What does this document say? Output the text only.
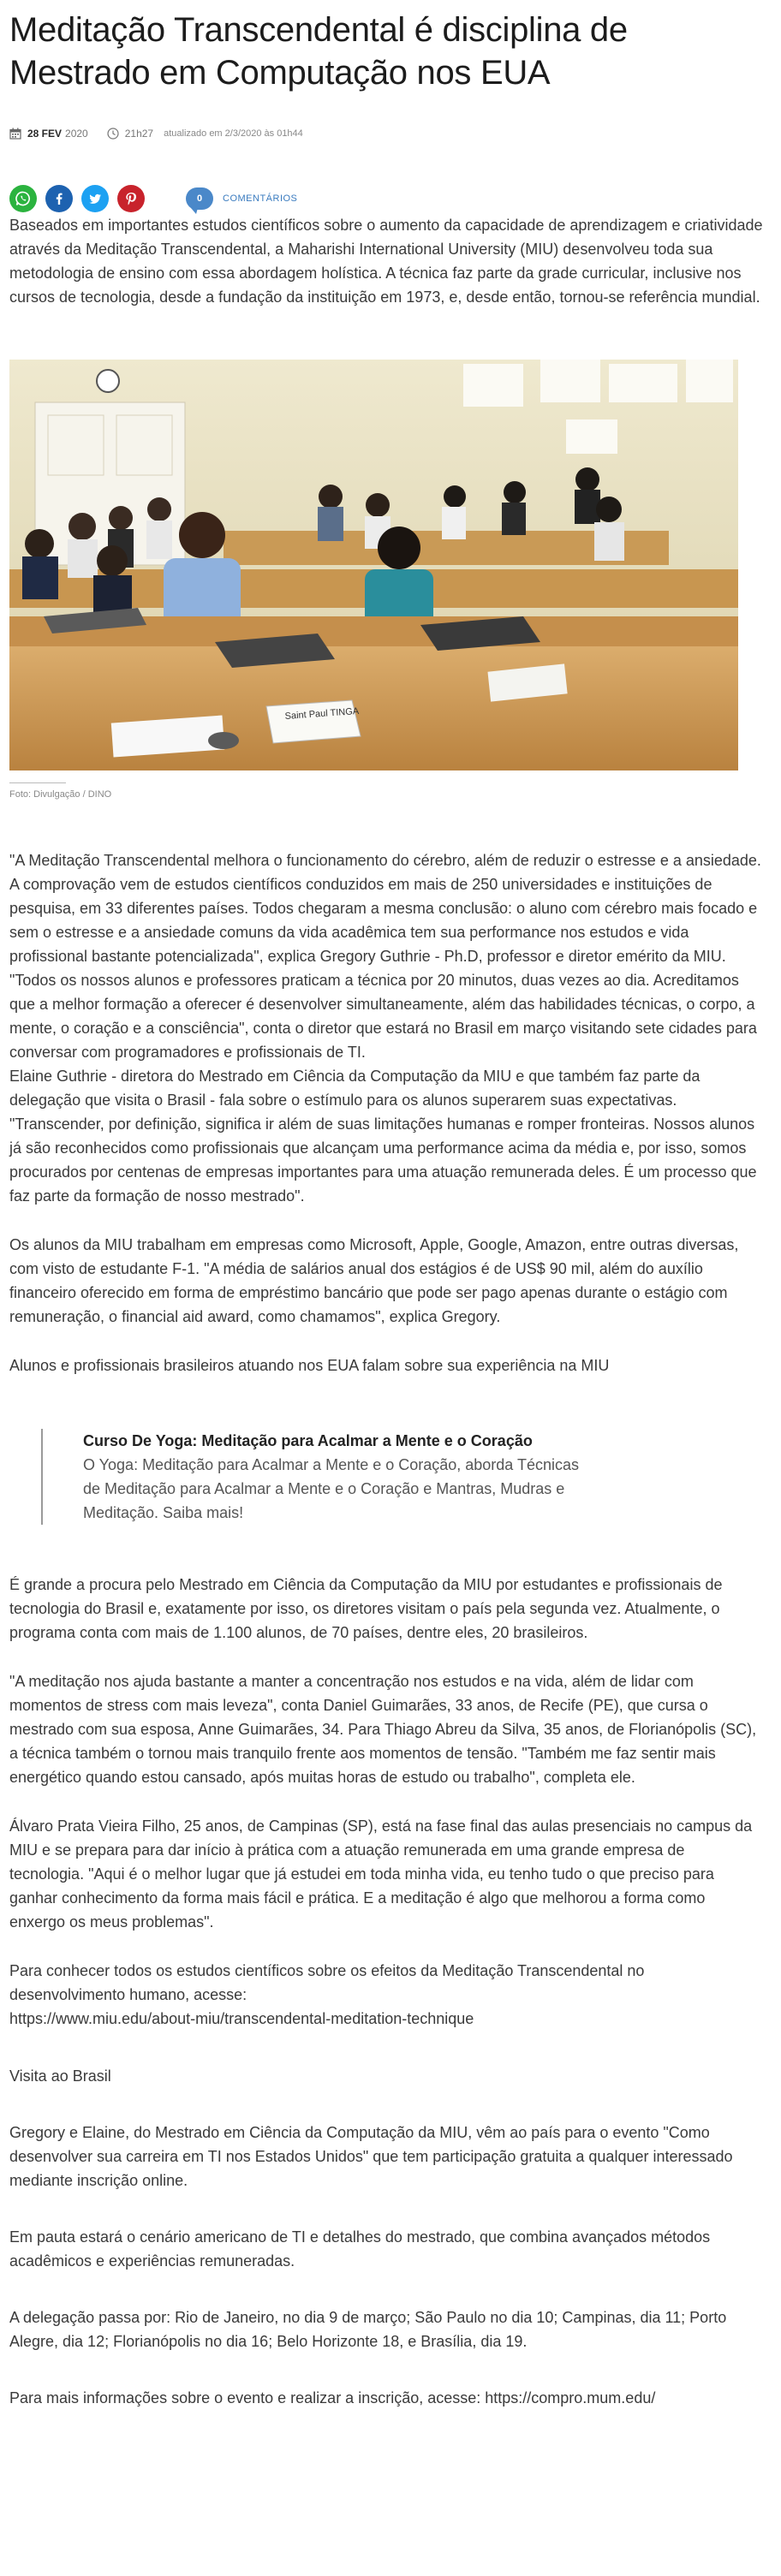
Meditação Transcendental é disciplina de Mestrado em Computação nos EUA
28 FEV 2020	21h27 atualizado em 2/3/2020 às 01h44
0 COMENTÁRIOS

Baseados em importantes estudos científicos sobre o aumento da capacidade de aprendizagem e criatividade através da Meditação Transcendental, a Maharishi International University (MIU) desenvolveu toda sua metodologia de ensino com essa abordagem holística. A técnica faz parte da grade curricular, inclusive nos cursos de tecnologia, desde a fundação da instituição em 1973, e, desde então, tornou-se referência mundial.

Saint Paul TINGA
Foto: Divulgação / DINO

"A Meditação Transcendental melhora o funcionamento do cérebro, além de reduzir o estresse e a ansiedade. A comprovação vem de estudos científicos conduzidos em mais de 250 universidades e instituições de pesquisa, em 33 diferentes países. Todos chegaram a mesma conclusão: o aluno com cérebro mais focado e sem o estresse e a ansiedade comuns da vida acadêmica tem sua performance nos estudos e vida profissional bastante potencializada", explica Gregory Guthrie - Ph.D, professor e diretor emérito da MIU.

"Todos os nossos alunos e professores praticam a técnica por 20 minutos, duas vezes ao dia. Acreditamos que a melhor formação a oferecer é desenvolver simultaneamente, além das habilidades técnicas, o corpo, a mente, o coração e a consciência", conta o diretor que estará no Brasil em março visitando sete cidades para conversar com programadores e profissionais de TI.

Elaine Guthrie - diretora do Mestrado em Ciência da Computação da MIU e que também faz parte da delegação que visita o Brasil - fala sobre o estímulo para os alunos superarem suas expectativas. "Transcender, por definição, significa ir além de suas limitações humanas e romper fronteiras. Nossos alunos já são reconhecidos como profissionais que alcançam uma performance acima da média e, por isso, somos procurados por centenas de empresas importantes para uma atuação remunerada deles. É um processo que faz parte da formação de nosso mestrado".

Os alunos da MIU trabalham em empresas como Microsoft, Apple, Google, Amazon, entre outras diversas, com visto de estudante F-1. "A média de salários anual dos estágios é de US$ 90 mil, além do auxílio financeiro oferecido em forma de empréstimo bancário que pode ser pago apenas durante o estágio com remuneração, o financial aid award, como chamamos", explica Gregory.

Alunos e profissionais brasileiros atuando nos EUA falam sobre sua experiência na MIU

Curso De Yoga: Meditação para Acalmar a Mente e o Coração
O Yoga: Meditação para Acalmar a Mente e o Coração, aborda Técnicas de Meditação para Acalmar a Mente e o Coração e Mantras, Mudras e Meditação. Saiba mais!

É grande a procura pelo Mestrado em Ciência da Computação da MIU por estudantes e profissionais de tecnologia do Brasil e, exatamente por isso, os diretores visitam o país pela segunda vez. Atualmente, o programa conta com mais de 1.100 alunos, de 70 países, dentre eles, 20 brasileiros.

"A meditação nos ajuda bastante a manter a concentração nos estudos e na vida, além de lidar com momentos de stress com mais leveza", conta Daniel Guimarães, 33 anos, de Recife (PE), que cursa o mestrado com sua esposa, Anne Guimarães, 34. Para Thiago Abreu da Silva, 35 anos, de Florianópolis (SC), a técnica também o tornou mais tranquilo frente aos momentos de tensão. "Também me faz sentir mais energético quando estou cansado, após muitas horas de estudo ou trabalho", completa ele.

Álvaro Prata Vieira Filho, 25 anos, de Campinas (SP), está na fase final das aulas presenciais no campus da MIU e se prepara para dar início à prática com a atuação remunerada em uma grande empresa de tecnologia. "Aqui é o melhor lugar que já estudei em toda minha vida, eu tenho tudo o que preciso para ganhar conhecimento da forma mais fácil e prática. E a meditação é algo que melhorou a forma como enxergo os meus problemas".

Para conhecer todos os estudos científicos sobre os efeitos da Meditação Transcendental no desenvolvimento humano, acesse:

https://www.miu.edu/about-miu/transcendental-meditation-technique

Visita ao Brasil

Gregory e Elaine, do Mestrado em Ciência da Computação da MIU, vêm ao país para o evento "Como desenvolver sua carreira em TI nos Estados Unidos" que tem participação gratuita a qualquer interessado mediante inscrição online.

Em pauta estará o cenário americano de TI e detalhes do mestrado, que combina avançados métodos acadêmicos e experiências remuneradas.

A delegação passa por: Rio de Janeiro, no dia 9 de março; São Paulo no dia 10; Campinas, dia 11; Porto Alegre, dia 12; Florianópolis no dia 16; Belo Horizonte 18, e Brasília, dia 19.

Para mais informações sobre o evento e realizar a inscrição, acesse: https://compro.mum.edu/
